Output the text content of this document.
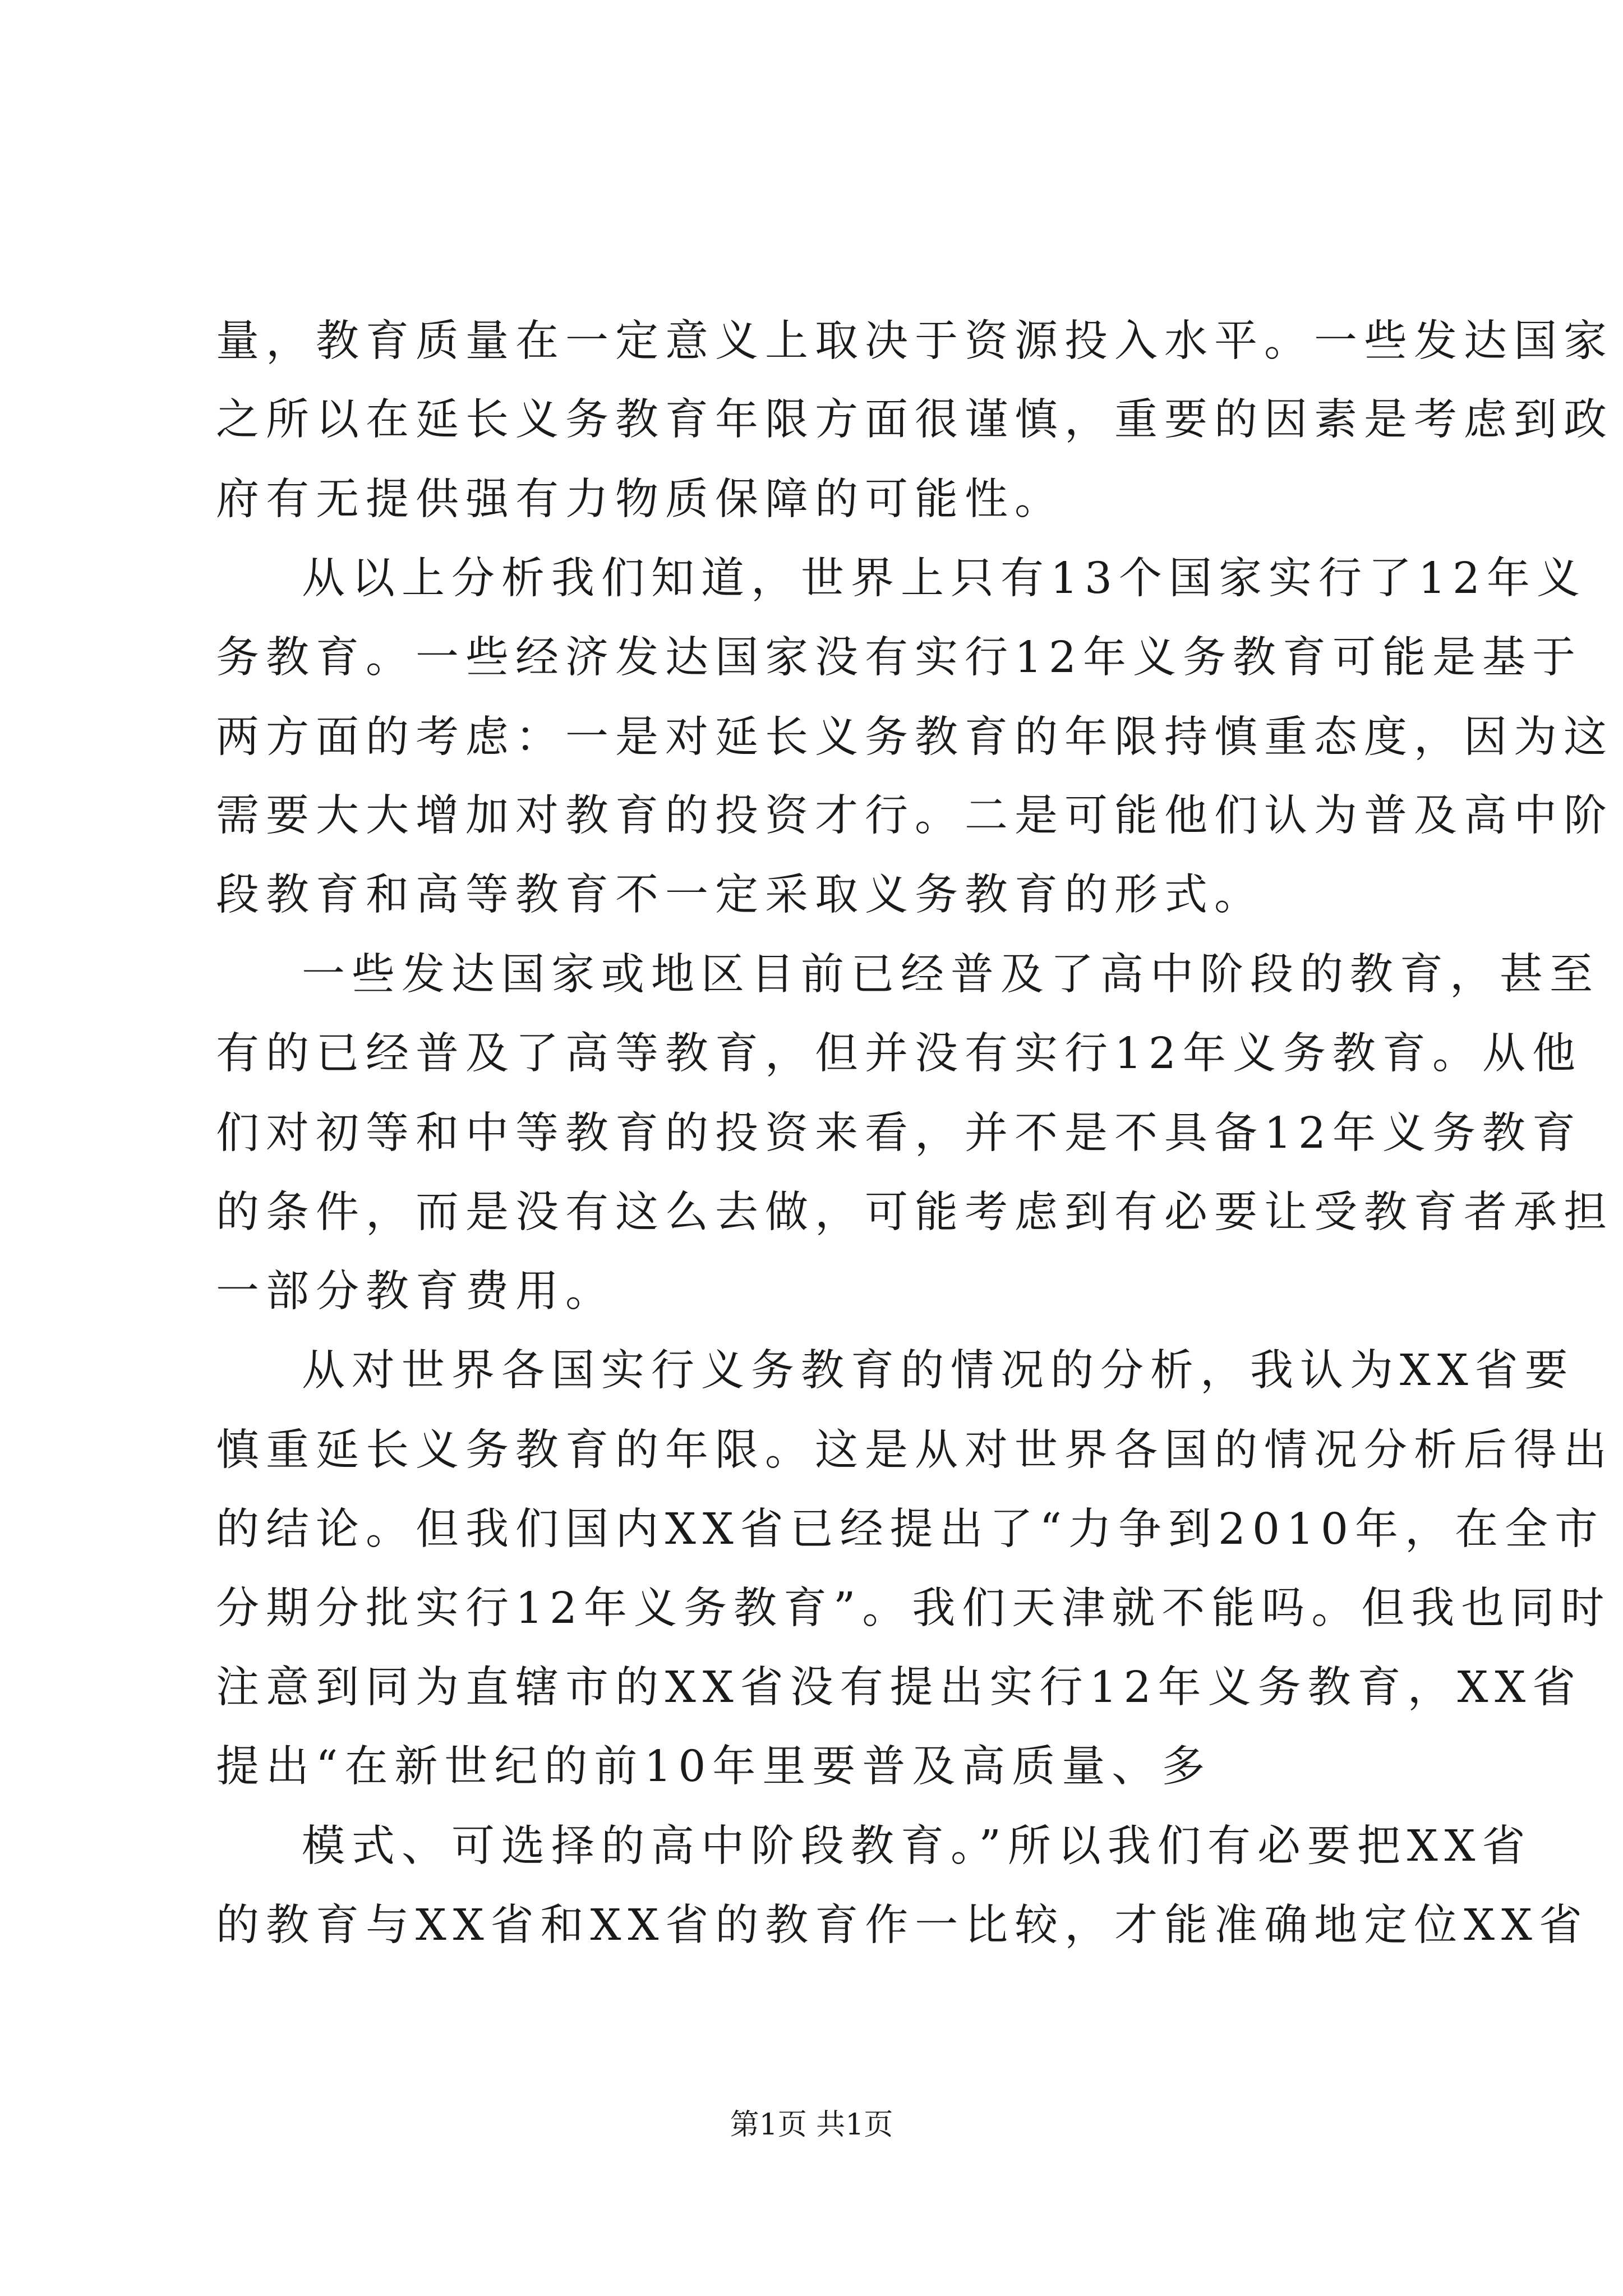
量，教育质量在一定意义上取决于资源投入水平。一些发达国家
之所以在延长义务教育年限方面很谨慎，重要的因素是考虑到政
府有无提供强有力物质保障的可能性。
从以上分析我们知道，世界上只有13个国家实行了12年义
务教育。一些经济发达国家没有实行12年义务教育可能是基于
两方面的考虑：一是对延长义务教育的年限持慎重态度，因为这
需要大大增加对教育的投资才行。二是可能他们认为普及高中阶
段教育和高等教育不一定采取义务教育的形式。
一些发达国家或地区目前已经普及了高中阶段的教育，甚至
有的已经普及了高等教育，但并没有实行12年义务教育。从他
们对初等和中等教育的投资来看，并不是不具备12年义务教育
的条件，而是没有这么去做，可能考虑到有必要让受教育者承担
一部分教育费用。
从对世界各国实行义务教育的情况的分析，我认为XX省要
慎重延长义务教育的年限。这是从对世界各国的情况分析后得出
的结论。但我们国内XX省已经提出了“力争到2010年，在全市
分期分批实行12年义务教育”。我们天津就不能吗。但我也同时
注意到同为直辖市的XX省没有提出实行12年义务教育，XX省
提出“在新世纪的前10年里要普及高质量、多
模式、可选择的高中阶段教育。”所以我们有必要把XX省
的教育与XX省和XX省的教育作一比较，才能准确地定位XX省
第1页 共1页
